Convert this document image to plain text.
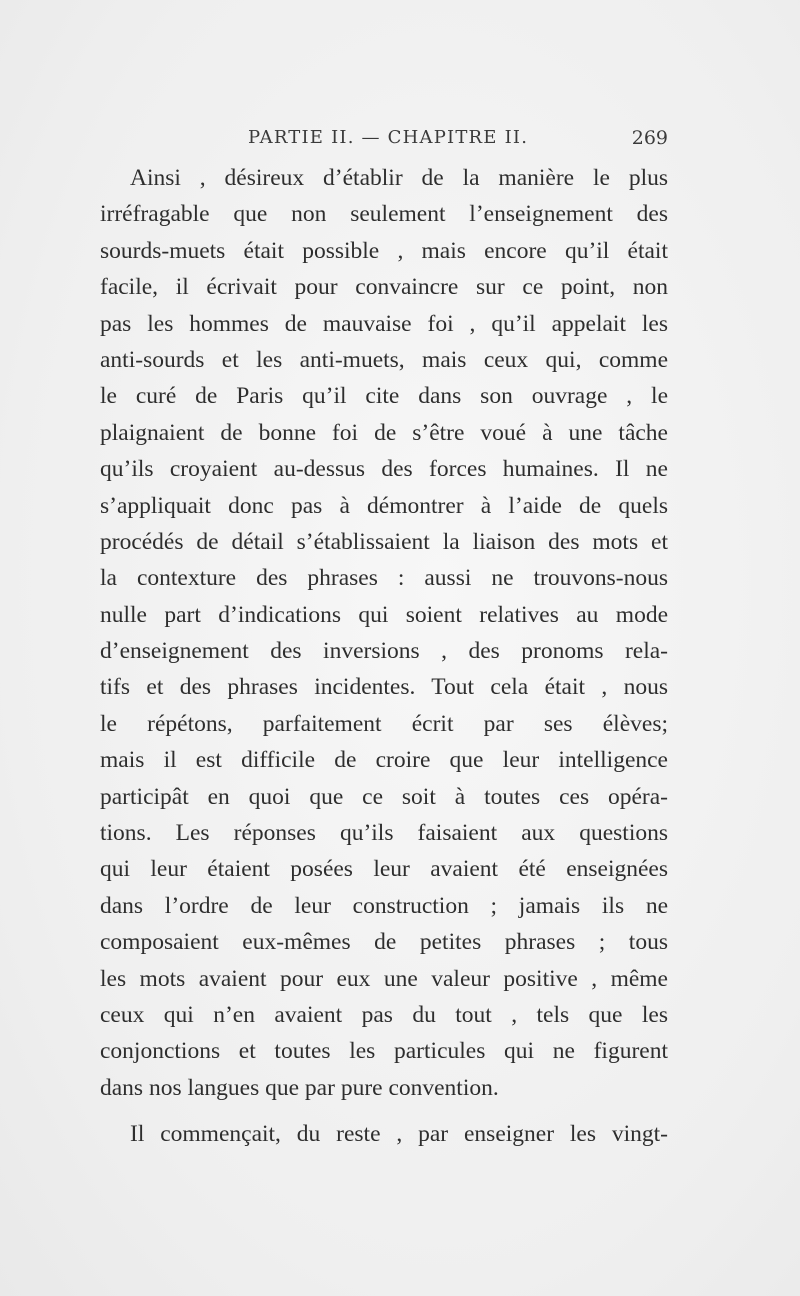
PARTIE II. — CHAPITRE II.	269
Ainsi , désireux d’établir de la manière le plus
irréfragable que non seulement l’enseignement des
sourds-muets était possible , mais encore qu’il était
facile, il écrivait pour convaincre sur ce point, non
pas les hommes de mauvaise foi , qu’il appelait les
anti-sourds et les anti-muets, mais ceux qui, comme
le curé de Paris qu’il cite dans son ouvrage , le
plaignaient de bonne foi de s’être voué à une tâche
qu’ils croyaient au-dessus des forces humaines. Il ne
s’appliquait donc pas à démontrer à l’aide de quels
procédés de détail s’établissaient la liaison des mots et
la contexture des phrases : aussi ne trouvons-nous
nulle part d’indications qui soient relatives au mode
d’enseignement des inversions , des pronoms rela-
tifs et des phrases incidentes. Tout cela était , nous
le répétons, parfaitement écrit par ses élèves;
mais il est difficile de croire que leur intelligence
participât en quoi que ce soit à toutes ces opéra-
tions. Les réponses qu’ils faisaient aux questions
qui leur étaient posées leur avaient été enseignées
dans l’ordre de leur construction ; jamais ils ne
composaient eux-mêmes de petites phrases ; tous
les mots avaient pour eux une valeur positive , même
ceux qui n’en avaient pas du tout , tels que les
conjonctions et toutes les particules qui ne figurent
dans nos langues que par pure convention.
Il commençait, du reste , par enseigner les vingt-
